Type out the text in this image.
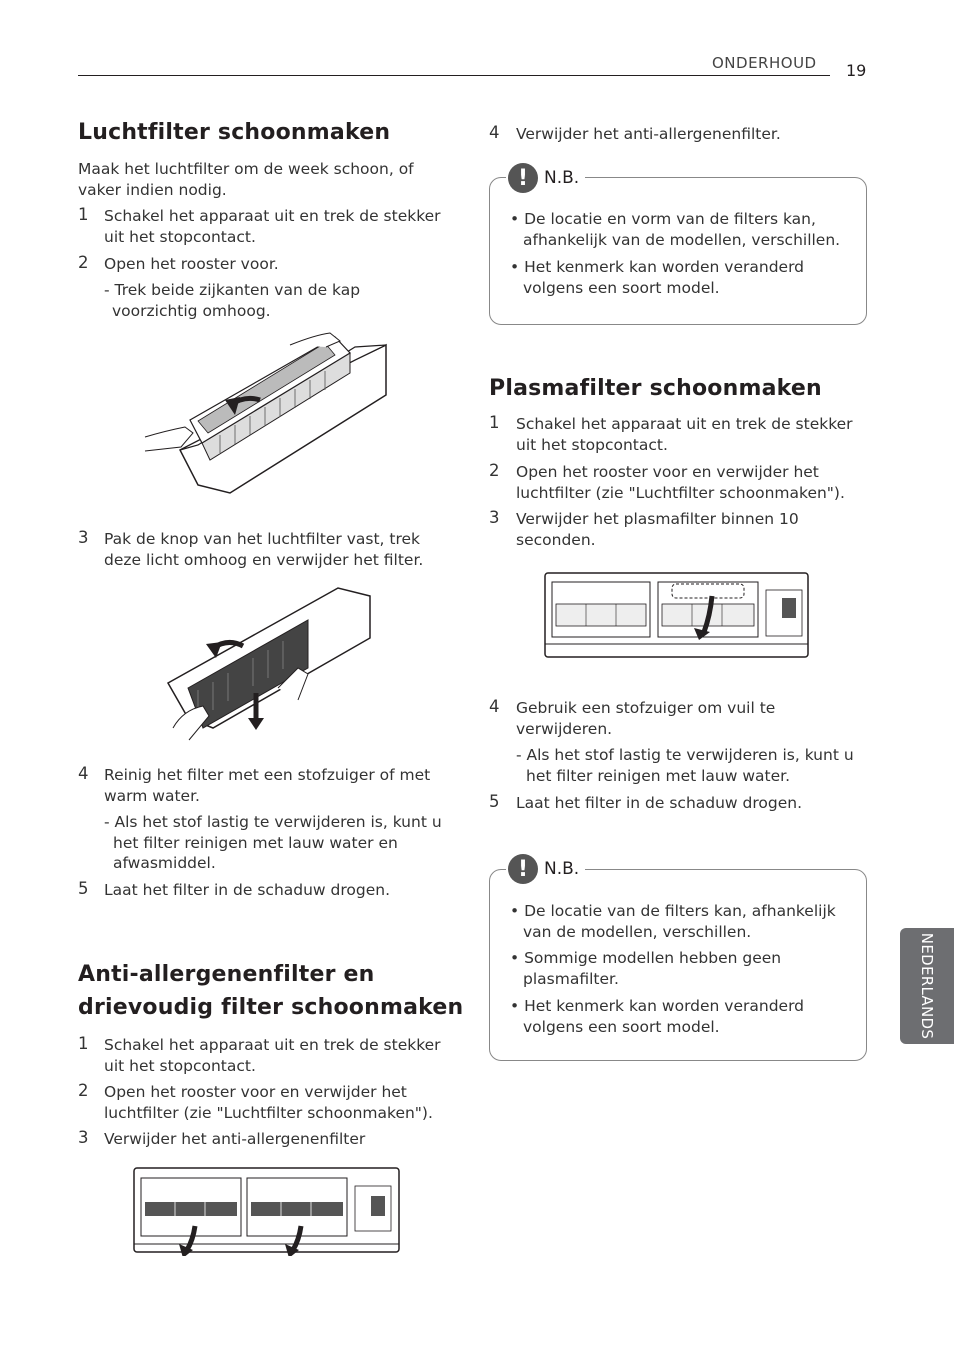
ONDERHOUD 19
NEDERLANDS
Luchtfilter schoonmaken

Maak het luchtfilter om de week schoon, of vaker indien nodig.

1 Schakel het apparaat uit en trek de stekker uit het stopcontact.

2 Open het rooster voor.

- Trek beide zijkanten van de kap voorzichtig omhoog.

3 Pak de knop van het luchtfilter vast, trek deze licht omhoog en verwijder het filter.

4 Reinig het filter met een stofzuiger of met warm water.

- Als het stof lastig te verwijderen is, kunt u het filter reinigen met lauw water en afwasmiddel.

5 Laat het filter in de schaduw drogen.

Anti-allergenenfilter en
drievoudig filter schoonmaken
1 Schakel het apparaat uit en trek de stekker uit het stopcontact.

2 Open het rooster voor en verwijder het luchtfilter (zie "Luchtfilter schoonmaken").

3 Verwijder het anti-allergenenfilter

4 Verwijder het anti-allergenenfilter.

! N.B.

• De locatie en vorm van de filters kan, afhankelijk van de modellen, verschillen.

• Het kenmerk kan worden veranderd volgens een soort model.

Plasmafilter schoonmaken
1 Schakel het apparaat uit en trek de stekker uit het stopcontact.

2 Open het rooster voor en verwijder het luchtfilter (zie "Luchtfilter schoonmaken").

3 Verwijder het plasmafilter binnen 10 seconden.

4 Gebruik een stofzuiger om vuil te verwijderen.

- Als het stof lastig te verwijderen is, kunt u het filter reinigen met lauw water.

5 Laat het filter in de schaduw drogen.

! N.B.

• De locatie van de filters kan, afhankelijk van de modellen, verschillen.

• Sommige modellen hebben geen plasmafilter.

• Het kenmerk kan worden veranderd volgens een soort model.
